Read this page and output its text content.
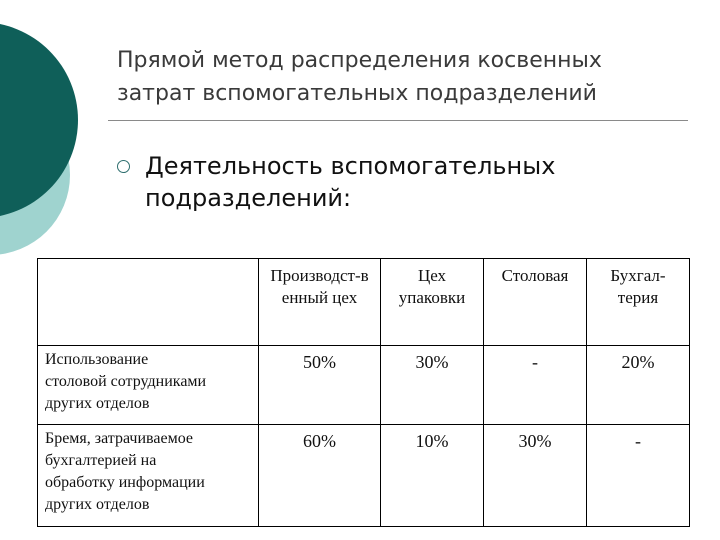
Прямой метод распределения косвенных
затрат вспомогательных подразделений
Деятельность вспомогательных
подразделений:

	Производст-в
енный цех	Цех
упаковки	Столовая	Бухгал-
терия

Использование
столовой сотрудниками
других отделов	50%	30%	-	20%

Бремя, затрачиваемое
бухгалтерией на
обработку информации
других отделов	60%	10%	30%	-
